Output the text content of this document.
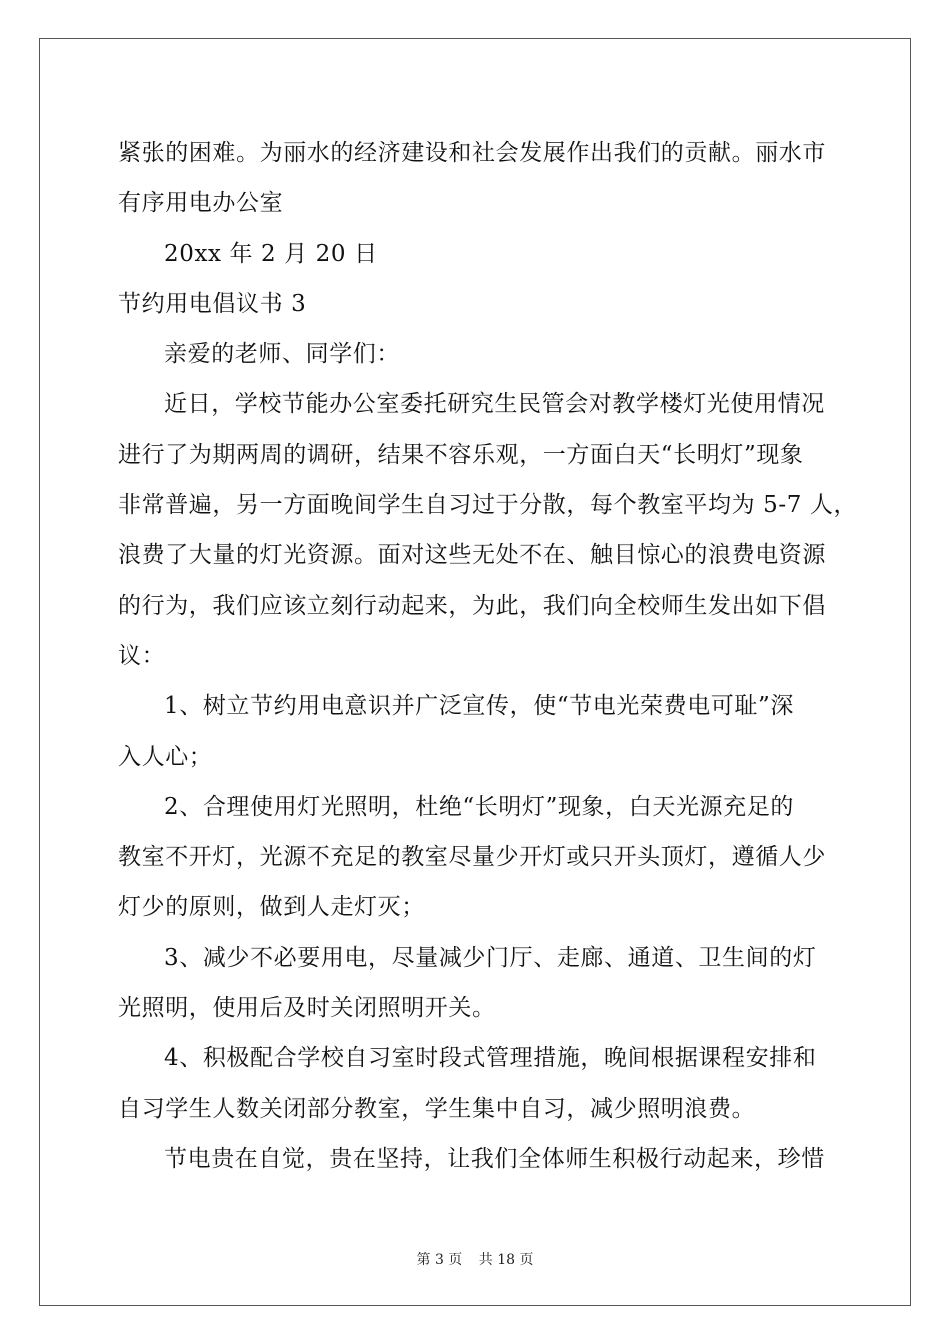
紧张的困难。为丽水的经济建设和社会发展作出我们的贡献。丽水市
有序用电办公室
20xx 年 2 月 20 日
节约用电倡议书 3
亲爱的老师、同学们：
近日，学校节能办公室委托研究生民管会对教学楼灯光使用情况
进行了为期两周的调研，结果不容乐观，一方面白天“长明灯”现象
非常普遍，另一方面晚间学生自习过于分散，每个教室平均为 5-7 人，
浪费了大量的灯光资源。面对这些无处不在、触目惊心的浪费电资源
的行为，我们应该立刻行动起来，为此，我们向全校师生发出如下倡
议：
1、树立节约用电意识并广泛宣传，使“节电光荣费电可耻”深
入人心；
2、合理使用灯光照明，杜绝“长明灯”现象，白天光源充足的
教室不开灯，光源不充足的教室尽量少开灯或只开头顶灯，遵循人少
灯少的原则，做到人走灯灭；
3、减少不必要用电，尽量减少门厅、走廊、通道、卫生间的灯
光照明，使用后及时关闭照明开关。
4、积极配合学校自习室时段式管理措施，晚间根据课程安排和
自习学生人数关闭部分教室，学生集中自习，减少照明浪费。
节电贵在自觉，贵在坚持，让我们全体师生积极行动起来，珍惜
第 3 页 共 18 页
